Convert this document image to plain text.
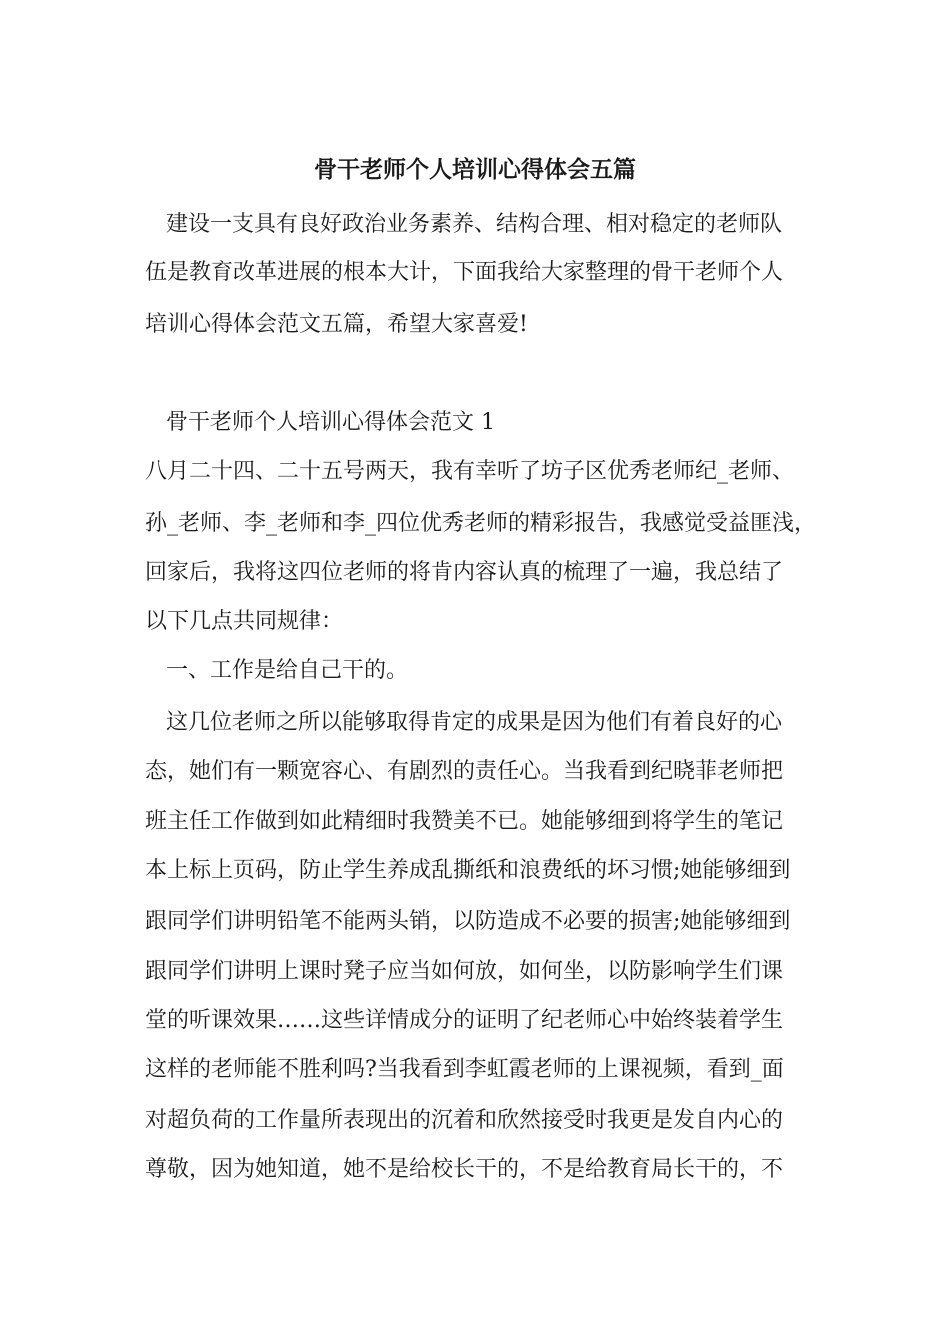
骨干老师个人培训心得体会五篇

建设一支具有良好政治业务素养、结构合理、相对稳定的老师队

伍是教育改革进展的根本大计，下面我给大家整理的骨干老师个人

培训心得体会范文五篇，希望大家喜爱!

骨干老师个人培训心得体会范文 1

八月二十四、二十五号两天，我有幸听了坊子区优秀老师纪_老师、

孙_老师、李_老师和李_四位优秀老师的精彩报告，我感觉受益匪浅，

回家后，我将这四位老师的将肯内容认真的梳理了一遍，我总结了

以下几点共同规律：

一、工作是给自己干的。

这几位老师之所以能够取得肯定的成果是因为他们有着良好的心

态，她们有一颗宽容心、有剧烈的责任心。当我看到纪晓菲老师把

班主任工作做到如此精细时我赞美不已。她能够细到将学生的笔记

本上标上页码，防止学生养成乱撕纸和浪费纸的坏习惯;她能够细到

跟同学们讲明铅笔不能两头销，以防造成不必要的损害;她能够细到

跟同学们讲明上课时凳子应当如何放，如何坐，以防影响学生们课

堂的听课效果……这些详情成分的证明了纪老师心中始终装着学生

这样的老师能不胜利吗?当我看到李虹霞老师的上课视频，看到_面

对超负荷的工作量所表现出的沉着和欣然接受时我更是发自内心的

尊敬，因为她知道，她不是给校长干的，不是给教育局长干的，不
